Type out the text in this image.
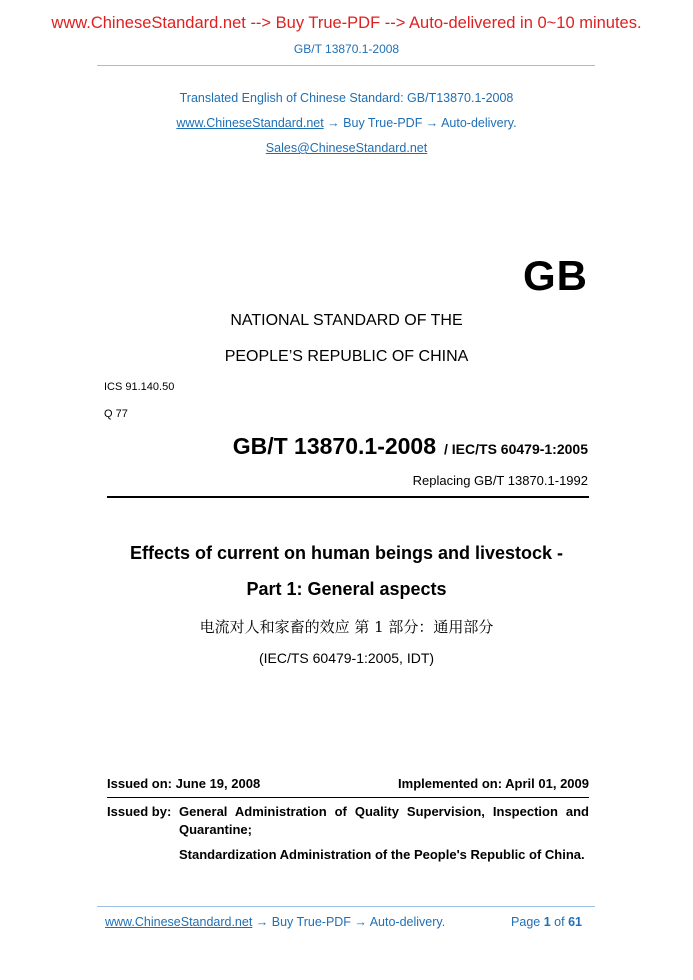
www.ChineseStandard.net --> Buy True-PDF --> Auto-delivered in 0~10 minutes.
GB/T 13870.1-2008
Translated English of Chinese Standard: GB/T13870.1-2008
www.ChineseStandard.net → Buy True-PDF → Auto-delivery.
Sales@ChineseStandard.net
GB
NATIONAL STANDARD OF THE
PEOPLE’S REPUBLIC OF CHINA
ICS 91.140.50
Q 77
GB/T 13870.1-2008 / IEC/TS 60479-1:2005
Replacing GB/T 13870.1-1992
Effects of current on human beings and livestock -
Part 1: General aspects
电流对人和家畜的效应 第 1 部分：通用部分
(IEC/TS 60479-1:2005, IDT)
Issued on: June 19, 2008	Implemented on: April 01, 2009
Issued by: General Administration of Quality Supervision, Inspection and Quarantine;
Standardization Administration of the People's Republic of China.
www.ChineseStandard.net → Buy True-PDF → Auto-delivery.	Page 1 of 61
